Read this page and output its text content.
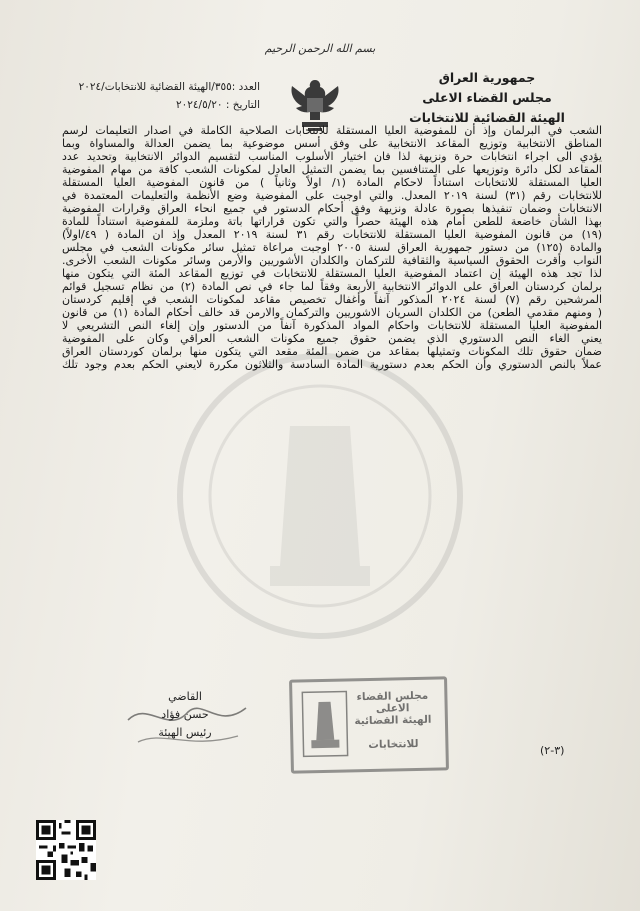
بسم الله الرحمن الرحيم
جمهورية العراق
مجلس القضاء الاعلى
الهيئة القضائية للانتخابات
العدد :٣٥٥/الهيئة القضائية للانتخابات/٢٠٢٤
التاريخ : ٢٠٢٤/٥/٢٠
الشعب في البرلمان وإذ أن للمفوضية العليا المستقلة للانتخابات الصلاحية الكاملة في اصدار التعليمات لرسم
المناطق الانتخابية وتوزيع المقاعد الانتخابية على وفق أسس موضوعية بما يضمن العدالة والمساواة وبما
يؤدي الى اجراء انتخابات حرة ونزيهة لذا فان اختيار الأسلوب المناسب لتقسيم الدوائر الانتخابية وتحديد عدد
المقاعد لكل دائرة وتوزيعها على المتنافسين بما يضمن التمثيل العادل لمكونات الشعب كافة من مهام المفوضية
العليا المستقلة للانتخابات استناداً لاحكام المادة (١/ اولاً وثانياً ) من قانون المفوضية العليا المستقلة
للانتخابات رقم (٣١) لسنة ٢٠١٩ المعدل. والتي اوجبت على المفوضية وضع الأنظمة والتعليمات المعتمدة في
الانتخابات وضمان تنفيذها بصورة عادلة ونزيهة وفق أحكام الدستور في جميع انحاء العراق وقرارات المفوضية
بهذا الشأن خاضعة للطعن أمام هذه الهيئة حصراً والتي تكون قراراتها باتة وملزمة للمفوضية استناداً للمادة
(١٩) من قانون المفوضية العليا المستقلة للانتخابات رقم ٣١ لسنة ٢٠١٩ المعدل وإذ ان المادة ( ٤٩/اولاً)
والمادة (١٢٥) من دستور جمهورية العراق لسنة ٢٠٠٥ اوجبت مراعاة تمثيل سائر مكونات الشعب في مجلس
النواب وأقرت الحقوق السياسية والثقافية للتركمان والكلدان الأشوريين والأرمن وسائر مكونات الشعب الأخرى.
لذا تجد هذه الهيئة إن اعتماد المفوضية العليا المستقلة للانتخابات في توزيع المقاعد المئة التي يتكون منها
برلمان كردستان العراق على الدوائر الانتخابية الأربعة وفقاً لما جاء في نص المادة (٢) من نظام تسجيل قوائم
المرشحين رقم (٧) لسنة ٢٠٢٤ المذكور آنفاً وأغفال تخصيص مقاعد لمكونات الشعب في إقليم كردستان
( ومنهم مقدمي الطعن) من الكلدان السريان الاشوريين والتركمان والارمن قد خالف أحكام المادة (١) من قانون
المفوضية العليا المستقلة للانتخابات واحكام المواد المذكورة آنفاً من الدستور وإن إلغاء النص التشريعي لا
يعني الغاء النص الدستوري الذي يضمن حقوق جميع مكونات الشعب العراقي وكان على المفوضية
ضمان حقوق تلك المكونات وتمثيلها بمقاعد من ضمن المئة مقعد التي يتكون منها برلمان كوردستان العراق
عملاً بالنص الدستوري وأن الحكم بعدم دستورية المادة السادسة والثلاثون مكررة لايعني الحكم بعدم وجود تلك
القاضي
حسن فؤاد
رئيس الهيئة
مجلس القضاء الاعلى
الهيئة القضائية
للانتخابات	(٣-٢)
